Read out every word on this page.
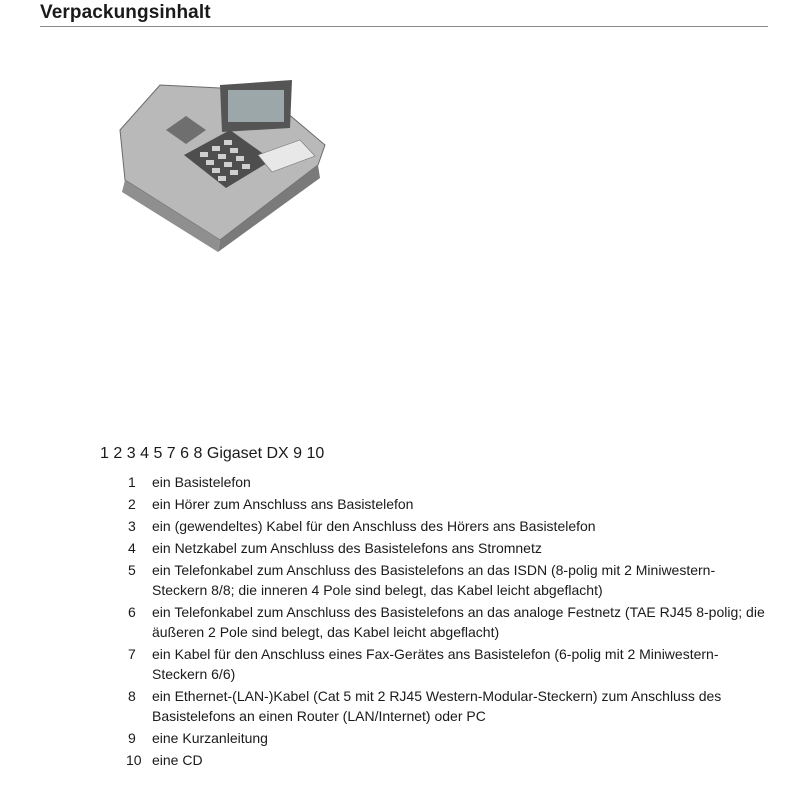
Verpackungsinhalt
1 2 3 4 5 7 6 8 Gigaset DX 9 10
1 ein Basistelefon
2 ein Hörer zum Anschluss ans Basistelefon
3 ein (gewendeltes) Kabel für den Anschluss des Hörers ans Basistelefon
4 ein Netzkabel zum Anschluss des Basistelefons ans Stromnetz
5 ein Telefonkabel zum Anschluss des Basistelefons an das ISDN (8-polig mit 2 Miniwestern-Steckern 8/8; die inneren 4 Pole sind belegt, das Kabel leicht abgeflacht)
6 ein Telefonkabel zum Anschluss des Basistelefons an das analoge Festnetz (TAE RJ45 8-polig; die äußeren 2 Pole sind belegt, das Kabel leicht abgeflacht)
7 ein Kabel für den Anschluss eines Fax-Gerätes ans Basistelefon (6-polig mit 2 Miniwestern-Steckern 6/6)
8 ein Ethernet-(LAN-)Kabel (Cat 5 mit 2 RJ45 Western-Modular-Steckern) zum Anschluss des Basistelefons an einen Router (LAN/Internet) oder PC
9 eine Kurzanleitung
10 eine CD
